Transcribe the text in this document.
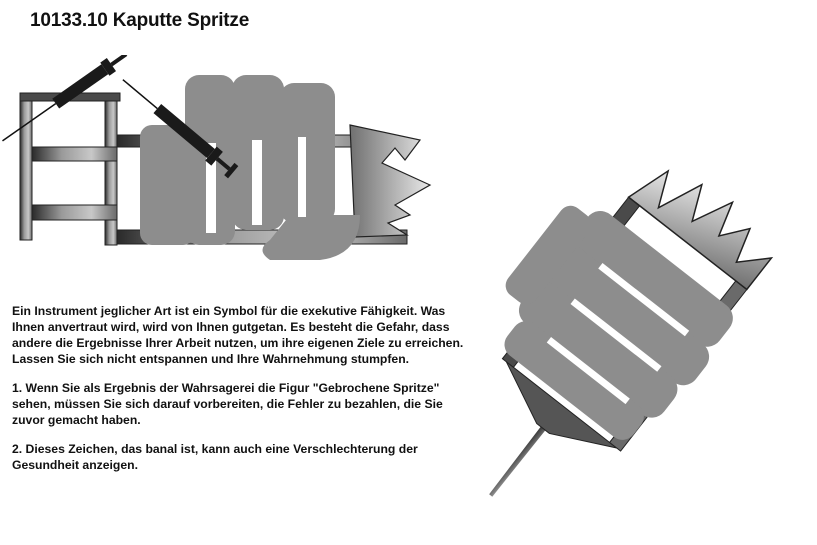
10133.10 Kaputte Spritze

Ein Instrument jeglicher Art ist ein Symbol für die exekutive Fähigkeit. Was Ihnen anvertraut wird, wird von Ihnen gutgetan. Es besteht die Gefahr, dass andere die Ergebnisse Ihrer Arbeit nutzen, um ihre eigenen Ziele zu erreichen. Lassen Sie sich nicht entspannen und Ihre Wahrnehmung stumpfen.

1. Wenn Sie als Ergebnis der Wahrsagerei die Figur "Gebrochene Spritze" sehen, müssen Sie sich darauf vorbereiten, die Fehler zu bezahlen, die Sie zuvor gemacht haben.

2. Dieses Zeichen, das banal ist, kann auch eine Verschlechterung der Gesundheit anzeigen.
